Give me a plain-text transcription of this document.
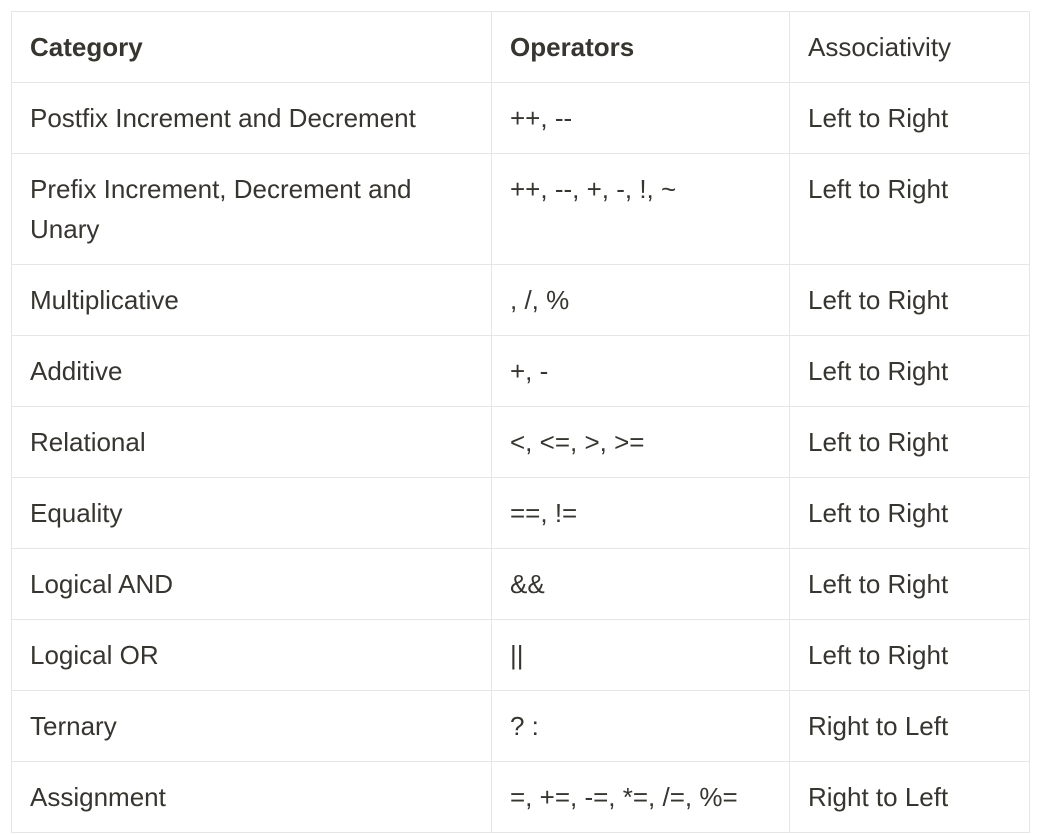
Category	Operators	Associativity
Postfix Increment and Decrement	++, --	Left to Right
Prefix Increment, Decrement and Unary	++, --, +, -, !, ~	Left to Right
Multiplicative	, /, %	Left to Right
Additive	+, -	Left to Right
Relational	<, <=, >, >=	Left to Right
Equality	==, !=	Left to Right
Logical AND	&&	Left to Right
Logical OR	||	Left to Right
Ternary	? :	Right to Left
Assignment	=, +=, -=, *=, /=, %=	Right to Left
